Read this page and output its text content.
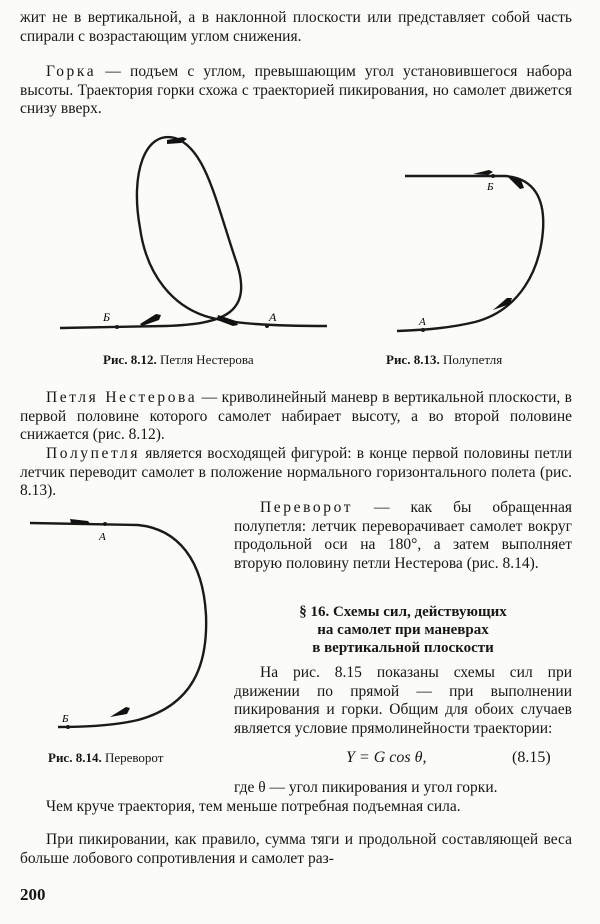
жит не в вертикальной, а в наклонной плоскости или представляет собой часть спирали с возрастающим углом снижения.

Горка — подъем с углом, превышающим угол установившегося набора высоты. Траектория горки схожа с траекторией пикирования, но самолет движется снизу вверх.

Б	А
Рис. 8.12. Петля Нестерова
Б
А
Рис. 8.13. Полупетля

Петля Нестерова — криволинейный маневр в вертикальной плоскости, в первой половине которого самолет набирает высоту, а во второй половине снижается (рис. 8.12).

Полупетля является восходящей фигурой: в конце первой половины петли летчик переводит самолет в положение нормального горизонтального полета (рис. 8.13).

А
Б
Рис. 8.14. Переворот

Переворот — как бы обращенная полупетля: летчик переворачивает самолет вокруг продольной оси на 180°, а затем выполняет вторую половину петли Нестерова (рис. 8.14).

§ 16. Схемы сил, действующих
на самолет при маневрах
в вертикальной плоскости

На рис. 8.15 показаны схемы сил при движении по прямой — при выполнении пикирования и горки. Общим для обоих случаев является условие прямолинейности траектории:

Y = G cos θ,	(8.15)

где θ — угол пикирования и угол горки.

Чем круче траектория, тем меньше потребная подъемная сила.

При пикировании, как правило, сумма тяги и продольной составляющей веса больше лобового сопротивления и самолет раз-

200
